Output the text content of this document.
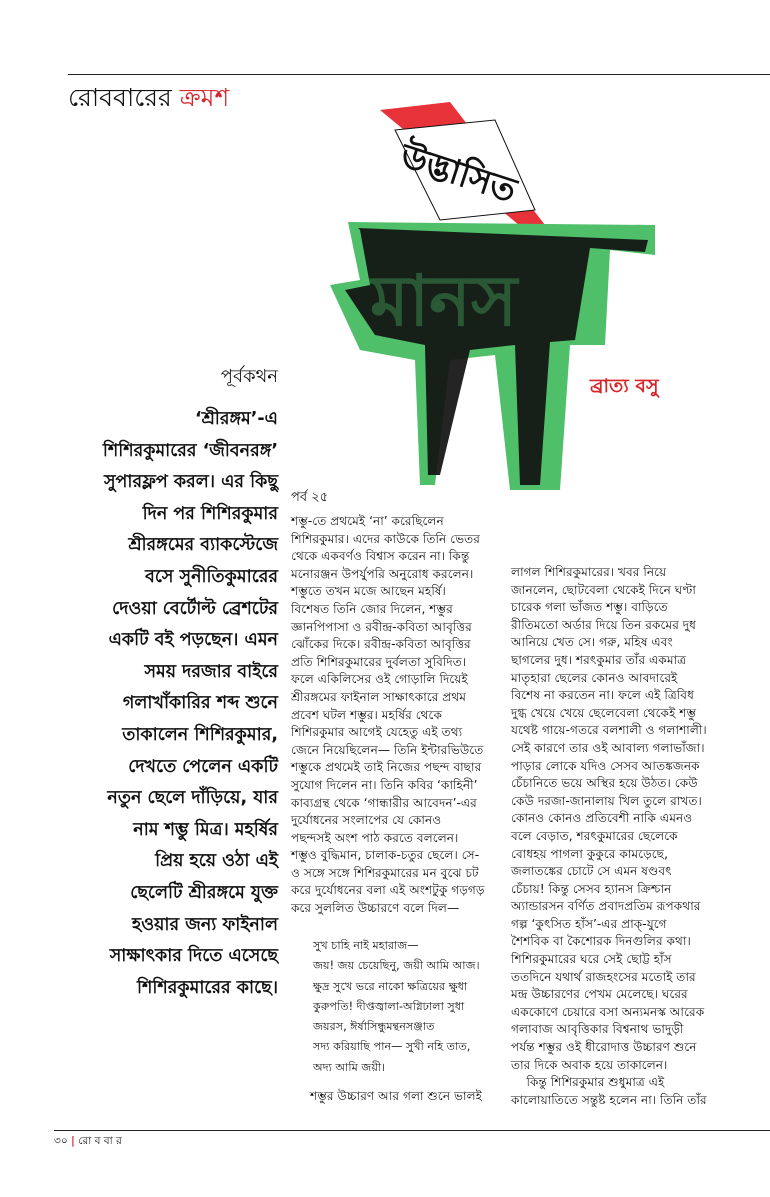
রোববারের ক্রমশ
উদ্ভাসিত
মানস
ব্রাত্য বসু
পূর্বকথন
‘শ্রীরঙ্গম’-এ
শিশিরকুমারের ‘জীবনরঙ্গ’
সুপারফ্লপ করল। এর কিছু
দিন পর শিশিরকুমার
শ্রীরঙ্গমের ব্যাকস্টেজে
বসে সুনীতিকুমারের
দেওয়া বের্টোল্ট ব্রেশটের
একটি বই পড়ছেন। এমন
সময় দরজার বাইরে
গলাখাঁকারির শব্দ শুনে
তাকালেন শিশিরকুমার,
দেখতে পেলেন একটি
নতুন ছেলে দাঁড়িয়ে, যার
নাম শম্ভু মিত্র। মহর্ষির
প্রিয় হয়ে ওঠা এই
ছেলেটি শ্রীরঙ্গমে যুক্ত
হওয়ার জন্য ফাইনাল
সাক্ষাৎকার দিতে এসেছে
শিশিরকুমারের কাছে।
পর্ব ২৫
শম্ভু-তে প্রথমেই ‘না’ করেছিলেন
শিশিরকুমার। এদের কাউকে তিনি ভেতর
থেকে একবর্ণও বিশ্বাস করেন না। কিন্তু
মনোরঞ্জন উপর্যুপরি অনুরোধ করলেন।
শম্ভুতে তখন মজে আছেন মহর্ষি।
বিশেষত তিনি জোর দিলেন, শম্ভুর
জ্ঞানপিপাসা ও রবীন্দ্র-কবিতা আবৃত্তির
ঝোঁকের দিকে। রবীন্দ্র-কবিতা আবৃত্তির
প্রতি শিশিরকুমারের দুর্বলতা সুবিদিত।
ফলে একিলিসের ওই গোড়ালি দিয়েই
শ্রীরঙ্গমের ফাইনাল সাক্ষাৎকারে প্রথম
প্রবেশ ঘটল শম্ভুর। মহর্ষির থেকে
শিশিরকুমার আগেই যেহেতু এই তথ্য
জেনে নিয়েছিলেন— তিনি ইন্টারভিউতে
শম্ভুকে প্রথমেই তাই নিজের পছন্দ বাছার
সুযোগ দিলেন না। তিনি কবির ‘কাহিনী’
কাব্যগ্রন্থ থেকে ‘গান্ধারীর আবেদন’-এর
দুর্যোধনের সংলাপের যে কোনও
পছন্দসই অংশ পাঠ করতে বললেন।
শম্ভুও বুদ্ধিমান, চালাক-চতুর ছেলে। সে-
ও সঙ্গে সঙ্গে শিশিরকুমারের মন বুঝে চট
করে দুর্যোধনের বলা এই অংশটুকু গড়গড়
করে সুললিত উচ্চারণে বলে দিল—
সুখ চাহি নাই মহারাজ—
জয়! জয় চেয়েছিনু, জয়ী আমি আজ।
ক্ষুদ্র সুখে ভরে নাকো ক্ষত্রিয়ের ক্ষুধা
কুরুপতি! দীপ্তজ্বালা-অগ্নিঢালা সুধা
জয়রস, ঈর্ষাসিন্ধুমন্থনসঞ্জাত
সদ্য করিয়াছি পান— সুখী নহি তাত,
অদ্য আমি জয়ী।
শম্ভুর উচ্চারণ আর গলা শুনে ভালই
লাগল শিশিরকুমারের। খবর নিয়ে
জানলেন, ছোটবেলা থেকেই দিনে ঘণ্টা
চারেক গলা ভাঁজত শম্ভু। বাড়িতে
রীতিমতো অর্ডার দিয়ে তিন রকমের দুধ
আনিয়ে খেত সে। গরু, মহিষ এবং
ছাগলের দুধ। শরৎকুমার তাঁর একমাত্র
মাতৃহারা ছেলের কোনও আবদারেই
বিশেষ না করতেন না। ফলে এই ত্রিবিধ
দুগ্ধ খেয়ে খেয়ে ছেলেবেলা থেকেই শম্ভু
যথেষ্ট গায়ে-গতরে বলশালী ও গলাশালী।
সেই কারণে তার ওই আবাল্য গলাভাঁজা।
পাড়ার লোকে যদিও সেসব আতঙ্কজনক
চেঁচানিতে ভয়ে অস্থির হয়ে উঠত। কেউ
কেউ দরজা-জানালায় খিল তুলে রাখত।
কোনও কোনও প্রতিবেশী নাকি এমনও
বলে বেড়াত, শরৎকুমারের ছেলেকে
বোধহয় পাগলা কুকুরে কামড়েছে,
জলাতঙ্কের চোটে সে এমন ষণ্ডবৎ
চেঁচায়! কিন্তু সেসব হ্যানস ক্রিশ্চান
অ্যান্ডারসন বর্ণিত প্রবাদপ্রতিম রূপকথার
গল্প ‘কুৎসিত হাঁস’-এর প্রাক্-যুগে
শৈশবিক বা কৈশোরক দিনগুলির কথা।
শিশিরকুমারের ঘরে সেই ছোট্ট হাঁস
ততদিনে যথার্থ রাজহংসের মতোই তার
মন্দ্র উচ্চারণের পেখম মেলেছে। ঘরের
এককোণে চেয়ারে বসা অন্যমনস্ক আরেক
গলাবাজ আবৃত্তিকার বিশ্বনাথ ভাদুড়ী
পর্যন্ত শম্ভুর ওই ধীরোদাত্ত উচ্চারণ শুনে
তার দিকে অবাক হয়ে তাকালেন।
কিন্তু শিশিরকুমার শুধুমাত্র এই
কালোয়াতিতে সন্তুষ্ট হলেন না। তিনি তাঁর
৩০ | রো ব বা র
